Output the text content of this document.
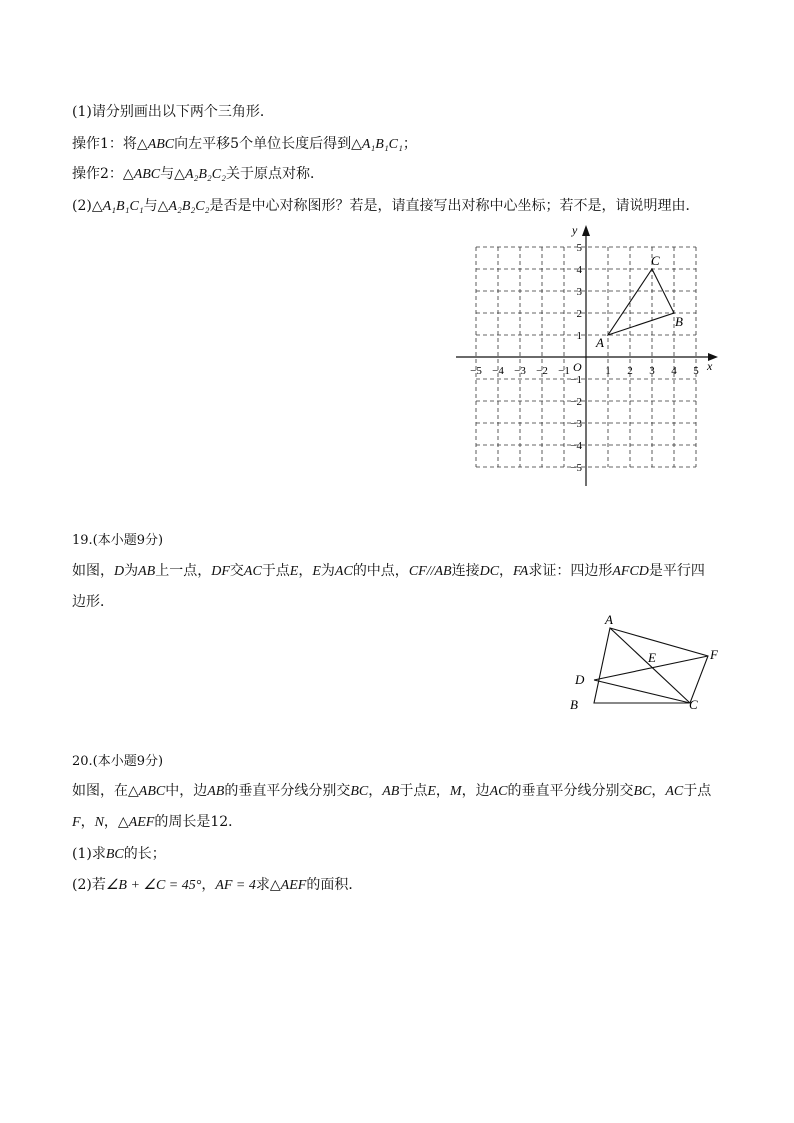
(1)请分别画出以下两个三角形．
操作1：将△ABC向左平移5个单位长度后得到△A₁B₁C₁；
操作2：△ABC与△A₂B₂C₂关于原点对称．
(2)△A₁B₁C₁与△A₂B₂C₂是否是中心对称图形？若是，请直接写出对称中心坐标；若不是，请说明理由．
x
y
O
−5 −4 −3 −2 −1	1 2 3 4 5
5
4
3
2
1
−1
−2
−3
−4
−5
A
B
C
19.(本小题9分)
如图，D为AB上一点，DF交AC于点E，E为AC的中点，CF//AB连接DC，FA求证：四边形AFCD是平行四
边形．
A
E	F
D
B	C
20.(本小题9分)
如图，在△ABC中，边AB的垂直平分线分别交BC，AB于点E，M，边AC的垂直平分线分别交BC，AC于点
F，N，△AEF的周长是12．
(1)求BC的长；
(2)若∠B + ∠C = 45°，AF = 4求△AEF的面积．
